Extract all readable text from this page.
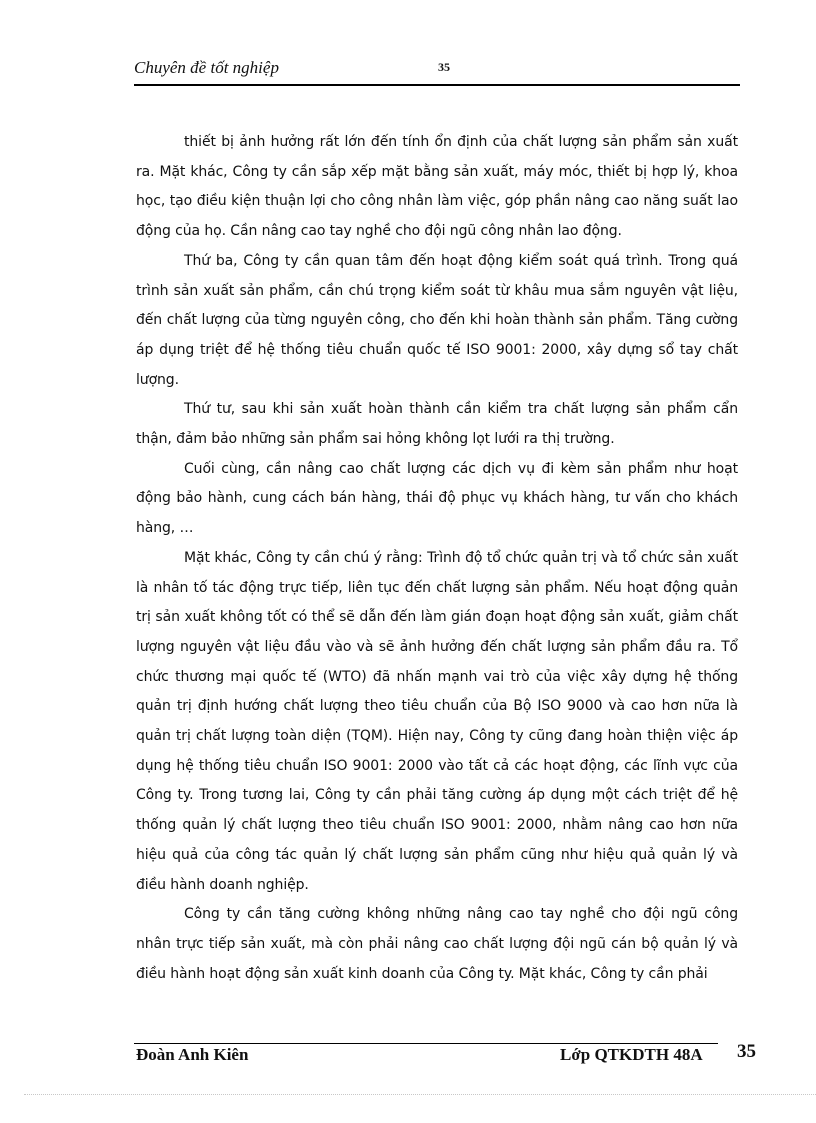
Chuyên đề tốt nghiệp	35

thiết bị ảnh hưởng rất lớn đến tính ổn định của chất lượng sản phẩm sản xuất ra. Mặt khác, Công ty cần sắp xếp mặt bằng sản xuất, máy móc, thiết bị hợp lý, khoa học, tạo điều kiện thuận lợi cho công nhân làm việc, góp phần nâng cao năng suất lao động của họ. Cần nâng cao tay nghề cho đội ngũ công nhân lao động.

Thứ ba, Công ty cần quan tâm đến hoạt động kiểm soát quá trình. Trong quá trình sản xuất sản phẩm, cần chú trọng kiểm soát từ khâu mua sắm nguyên vật liệu, đến chất lượng của từng nguyên công, cho đến khi hoàn thành sản phẩm. Tăng cường áp dụng triệt để hệ thống tiêu chuẩn quốc tế ISO 9001: 2000, xây dựng sổ tay chất lượng.

Thứ tư, sau khi sản xuất hoàn thành cần kiểm tra chất lượng sản phẩm cẩn thận, đảm bảo những sản phẩm sai hỏng không lọt lưới ra thị trường.

Cuối cùng, cần nâng cao chất lượng các dịch vụ đi kèm sản phẩm như hoạt động bảo hành, cung cách bán hàng, thái độ phục vụ khách hàng, tư vấn cho khách hàng, …

Mặt khác, Công ty cần chú ý rằng: Trình độ tổ chức quản trị và tổ chức sản xuất là nhân tố tác động trực tiếp, liên tục đến chất lượng sản phẩm. Nếu hoạt động quản trị sản xuất không tốt có thể sẽ dẫn đến làm gián đoạn hoạt động sản xuất, giảm chất lượng nguyên vật liệu đầu vào và sẽ ảnh hưởng đến chất lượng sản phẩm đầu ra. Tổ chức thương mại quốc tế (WTO) đã nhấn mạnh vai trò của việc xây dựng hệ thống quản trị định hướng chất lượng theo tiêu chuẩn của Bộ ISO 9000 và cao hơn nữa là quản trị chất lượng toàn diện (TQM). Hiện nay, Công ty cũng đang hoàn thiện việc áp dụng hệ thống tiêu chuẩn ISO 9001: 2000 vào tất cả các hoạt động, các lĩnh vực của Công ty. Trong tương lai, Công ty cần phải tăng cường áp dụng một cách triệt để hệ thống quản lý chất lượng theo tiêu chuẩn ISO 9001: 2000, nhằm nâng cao hơn nữa hiệu quả của công tác quản lý chất lượng sản phẩm cũng như hiệu quả quản lý và điều hành doanh nghiệp.

Công ty cần tăng cường không những nâng cao tay nghề cho đội ngũ công nhân trực tiếp sản xuất, mà còn phải nâng cao chất lượng đội ngũ cán bộ quản lý và điều hành hoạt động sản xuất kinh doanh của Công ty. Mặt khác, Công ty cần phải

Đoàn Anh Kiên	Lớp QTKDTH 48A 35
